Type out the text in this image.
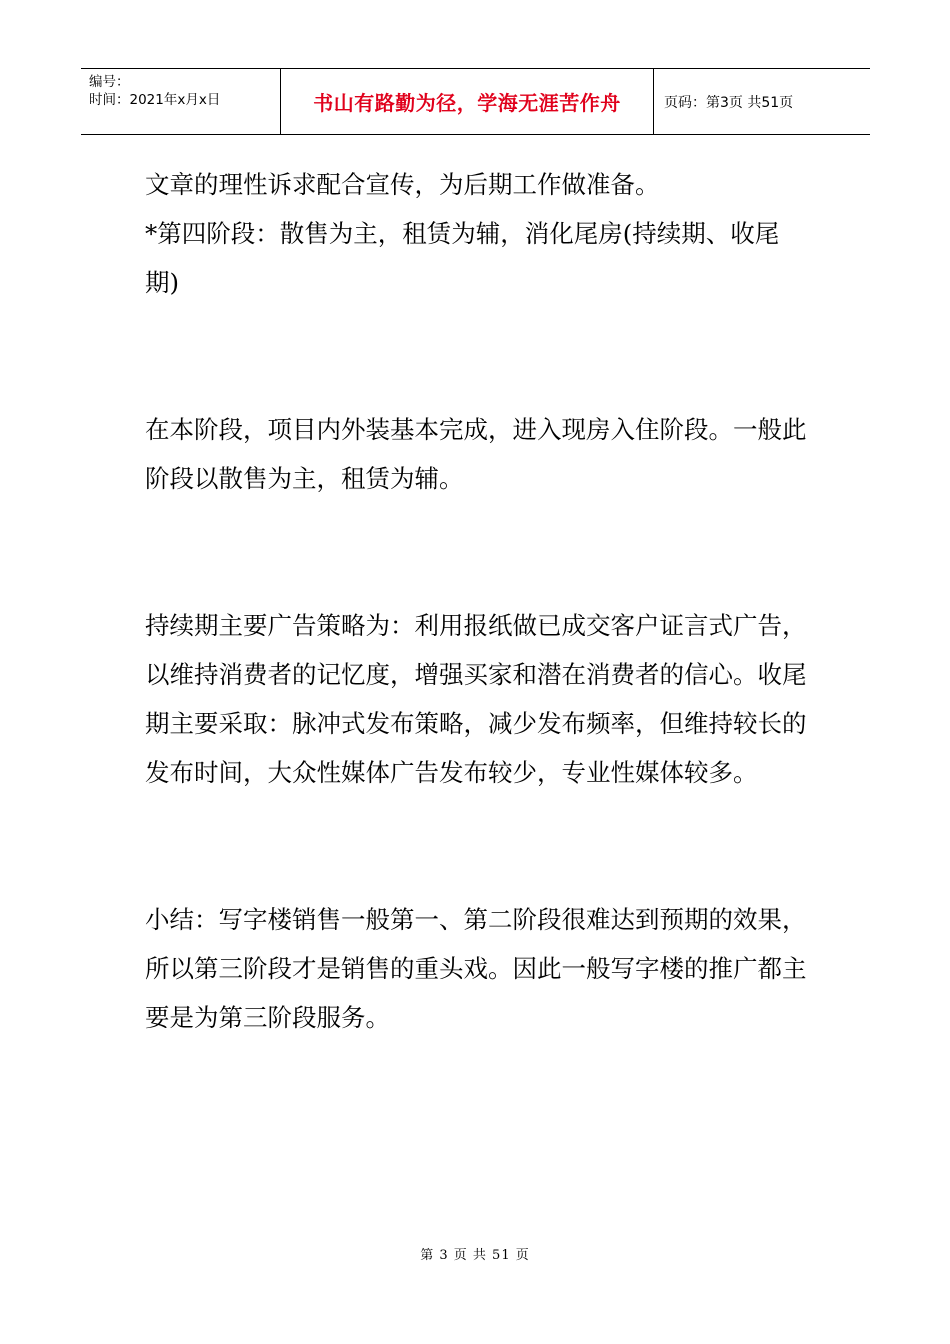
编号：
时间：2021年x月x日	书山有路勤为径，学海无涯苦作舟	页码：第3页 共51页

文章的理性诉求配合宣传，为后期工作做准备。

*第四阶段：散售为主，租赁为辅，消化尾房(持续期、收尾期)

在本阶段，项目内外装基本完成，进入现房入住阶段。一般此阶段以散售为主，租赁为辅。

持续期主要广告策略为：利用报纸做已成交客户证言式广告，以维持消费者的记忆度，增强买家和潜在消费者的信心。收尾期主要采取：脉冲式发布策略，减少发布频率，但维持较长的发布时间，大众性媒体广告发布较少，专业性媒体较多。

小结：写字楼销售一般第一、第二阶段很难达到预期的效果，所以第三阶段才是销售的重头戏。因此一般写字楼的推广都主要是为第三阶段服务。

第 3 页 共 51 页
